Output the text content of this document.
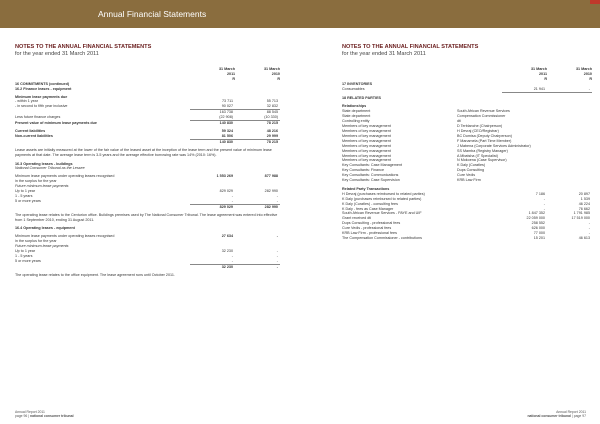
Annual Financial Statements
NOTES TO THE ANNUAL FINANCIAL STATEMENTS
for the year ended 31 March 2011
	31 March	31 March
	2011	2010
	R	R
16 COMMITMENTS (continued)		
16.2 Finance leases - equipment		

Minimum lease payments due		
- within 1 year	73 711	55 713
- in second to fifth year inclusive	90 027	32 832
	163 738	88 545
Less future finance charges	(22 908)	(10 330)
Present value of minimum lease payments due	140 830	78 215

Current liabilities	59 324	48 216
Non-current liabilities	81 506	29 999
	140 830	78 215

Lease assets are initially measured at the lower of the fair value of the leased asset at the inception of the lease term and the present value of minimum lease payments at that date. The average lease term is 3-5 years and the average effective borrowing rate was 14% (2010: 16%).

16.3 Operating leases - buildings		
National Consumer Tribunal as the Lessee		

Minimum lease payments under operating leases recognised	1 553 269	877 988
in the surplus for the year		
Future minimum lease payments		
Up to 1 year	829 029	282 990
1 - 5 years	-	-
5 or more years	-	-
	829 029	282 990

The operating lease relates to the Centurion office. Buildings premises used by The National Consumer Tribunal. The lease agreement was entered into effective from 1 September 2010, ending 31 August 2011.

16.4 Operating leases - equipment		

Minimum lease payments under operating leases recognised	27 634	-
in the surplus for the year		
Future minimum lease payments		
Up to 1 year	32 230	-
1 - 5 years	-	-
5 or more years	-	-
	32 230	-

The operating lease relates to the office equipment. The lease agreement runs until October 2011.

Annual Report 2011
page 96 | national consumer tribunal
NOTES TO THE ANNUAL FINANCIAL STATEMENTS
for the year ended 31 March 2011
	31 March	31 March
	2011	2010
	R	R
17 INVENTORIES		
Consumables	21 941	-

18 RELATED PARTIES		
Relationships	
State department	South African Revenue Services
State department	Compensation Commissioner
Controlling entity	dti
Members of key management	D Terblanche (Chairperson)
Members of key management	H Devraj (CEO/Registrar)
Members of key management	BC Dumisa (Deputy Chairperson)
Members of key management	F Manamela (Part Time Member)
Members of key management	J Mabena (Corporate Services Administrator)
Members of key management	SS Mamba (Registry Manager)
Members of key management	A Mbatsha (IT Specialist)
Members of key management	N Mokoena (Case Supervisor)
Key Consultants: Case Management	K Daly (Curatles)
Key Consultants: Finance	Dups Consulting
Key Consultants: Communications	Cure Vedis
Key Consultants: Case Supervision	KRB Law Firm
Related Party Transactions		
H Devraj (purchases reimbursed to related parties)	7 186	20 897
K Daly (purchases reimbursed to related parties)	-	1 539
K Daly (Curatles) - consulting fees	-	46 224
K Daly - fees as Case Manager	-	76 662
South African Revenue Services - PAYE and UIF	1 847 352	1 791 985
Grant received dti	22 059 000	17 519 000
Dups Consulting - professional fees	258 552	-
Cure Vedis - professional fees	626 000	-
KRB Law Firm - professional fees	77 000	-
The Compensation Commissioner - contributions	15 201	46 613
Annual Report 2011
national consumer tribunal | page 97
